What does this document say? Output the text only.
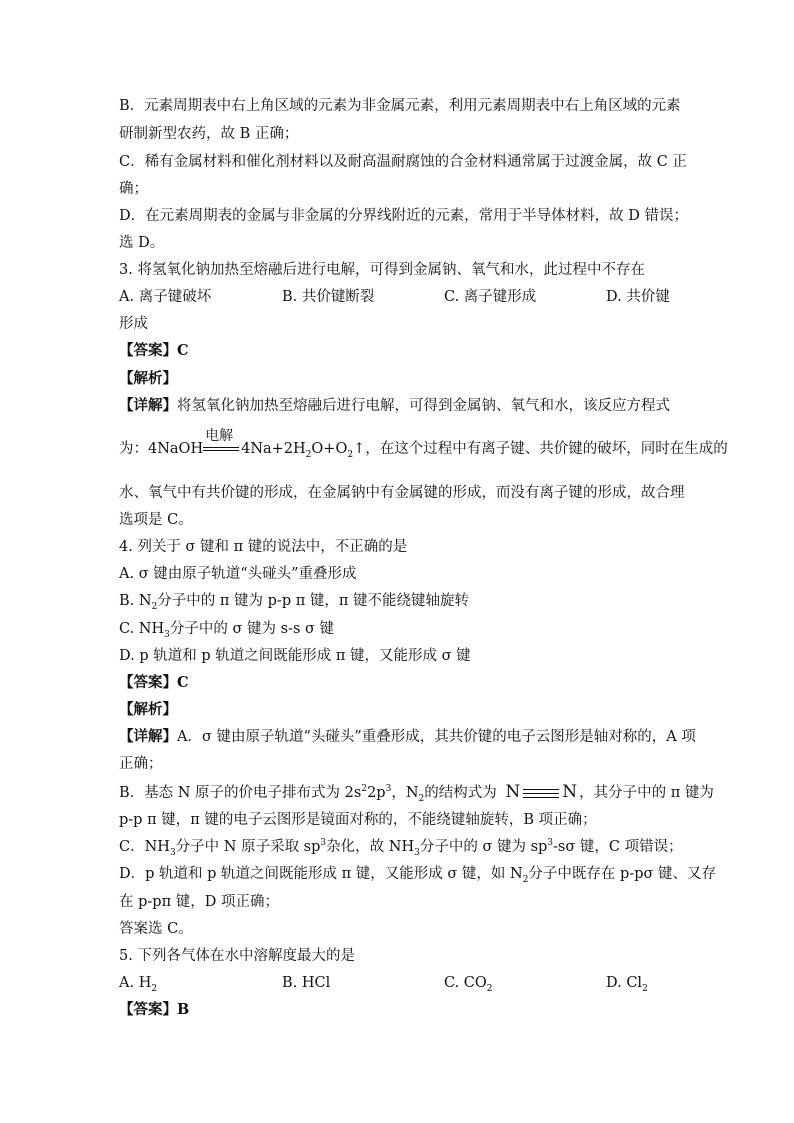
B．元素周期表中右上角区域的元素为非金属元素，利用元素周期表中右上角区域的元素
研制新型农药，故 B 正确；
C．稀有金属材料和催化剂材料以及耐高温耐腐蚀的合金材料通常属于过渡金属，故 C 正
确；
D．在元素周期表的金属与非金属的分界线附近的元素，常用于半导体材料，故 D 错误；
选 D。
3. 将氢氧化钠加热至熔融后进行电解，可得到金属钠、氧气和水，此过程中不存在
A. 离子键破坏	B. 共价键断裂	C. 离子键形成	D. 共价键
形成
【答案】C
【解析】
【详解】将氢氧化钠加热至熔融后进行电解，可得到金属钠、氧气和水，该反应方程式
为：4NaOH
电解
$4Na+2H_2O+O_2↑$，在这个过程中有离子键、共价键的破坏，同时在生成的
水、氧气中有共价键的形成，在金属钠中有金属键的形成，而没有离子键的形成，故合理
选项是 C。
4. 列关于 σ 键和 π 键的说法中，不正确的是
A. σ 键由原子轨道“头碰头”重叠形成
B. $N_2$分子中的 π 键为 p-p π 键，π 键不能绕键轴旋转
C. $NH_3$分子中的 σ 键为 s-s σ 键
D. p 轨道和 p 轨道之间既能形成 π 键，又能形成 σ 键
【答案】C
【解析】
【详解】A．σ 键由原子轨道“头碰头”重叠形成，其共价键的电子云图形是轴对称的，A 项
正确；
B．基态 N 原子的价电子排布式为 $2s^22p^3$，$N_2$的结构式为 N N ，其分子中的 π 键为
p-p π 键，π 键的电子云图形是镜面对称的，不能绕键轴旋转，B 项正确；
C．$NH_3$分子中 N 原子采取 $sp^3$杂化，故 $NH_3$分子中的 σ 键为 $sp^3-s\sigma$ 键，C 项错误；
D．p 轨道和 p 轨道之间既能形成 π 键，又能形成 σ 键，如 $N_2$分子中既存在 p-pσ 键、又存
在 p-pπ 键，D 项正确；
答案选 C。
5. 下列各气体在水中溶解度最大的是
A. $H_2$	B. HCl	C. $CO_2$	D. $Cl_2$
【答案】B
